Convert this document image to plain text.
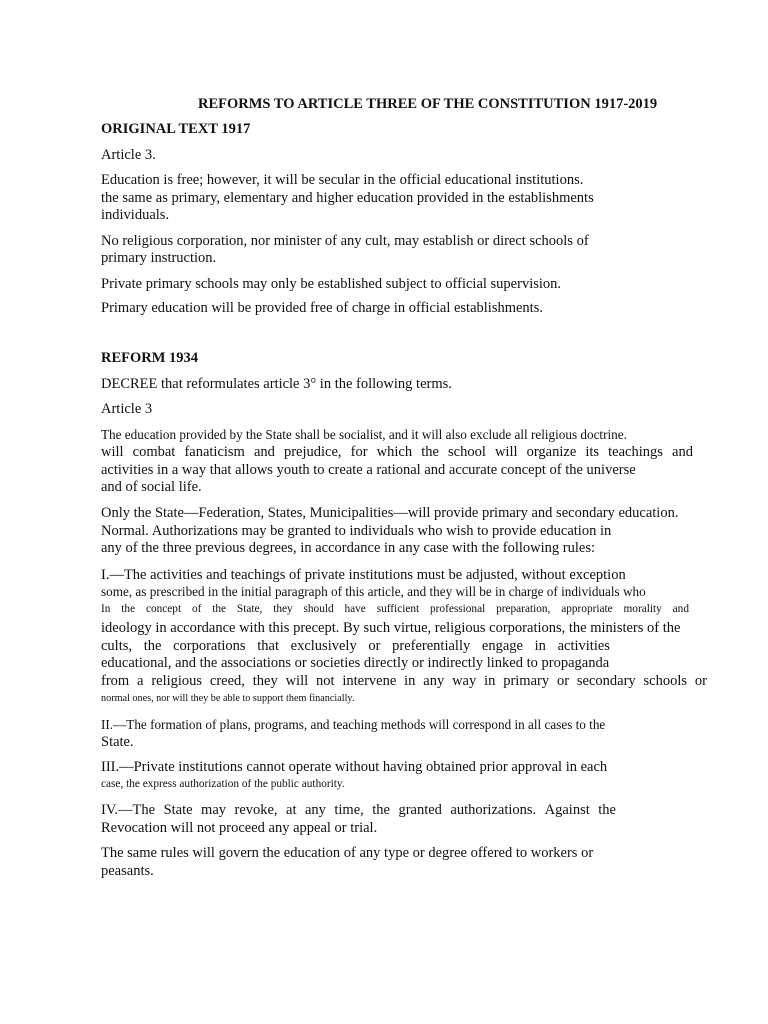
REFORMS TO ARTICLE THREE OF THE CONSTITUTION 1917-2019
ORIGINAL TEXT 1917
Article 3.
Education is free; however, it will be secular in the official educational institutions.
the same as primary, elementary and higher education provided in the establishments
individuals.
No religious corporation, nor minister of any cult, may establish or direct schools of
primary instruction.
Private primary schools may only be established subject to official supervision.
Primary education will be provided free of charge in official establishments.
REFORM 1934
DECREE that reformulates article 3° in the following terms.
Article 3
The education provided by the State shall be socialist, and it will also exclude all religious doctrine.
will combat fanaticism and prejudice, for which the school will organize its teachings and
activities in a way that allows youth to create a rational and accurate concept of the universe
and of social life.
Only the State—Federation, States, Municipalities—will provide primary and secondary education.
Normal. Authorizations may be granted to individuals who wish to provide education in
any of the three previous degrees, in accordance in any case with the following rules:
I.—The activities and teachings of private institutions must be adjusted, without exception
some, as prescribed in the initial paragraph of this article, and they will be in charge of individuals who
In the concept of the State, they should have sufficient professional preparation, appropriate morality and
ideology in accordance with this precept. By such virtue, religious corporations, the ministers of the
cults, the corporations that exclusively or preferentially engage in activities
educational, and the associations or societies directly or indirectly linked to propaganda
from a religious creed, they will not intervene in any way in primary or secondary schools or
normal ones, nor will they be able to support them financially.
II.—The formation of plans, programs, and teaching methods will correspond in all cases to the
State.
III.—Private institutions cannot operate without having obtained prior approval in each
case, the express authorization of the public authority.
IV.—The State may revoke, at any time, the granted authorizations. Against the
Revocation will not proceed any appeal or trial.
The same rules will govern the education of any type or degree offered to workers or
peasants.
